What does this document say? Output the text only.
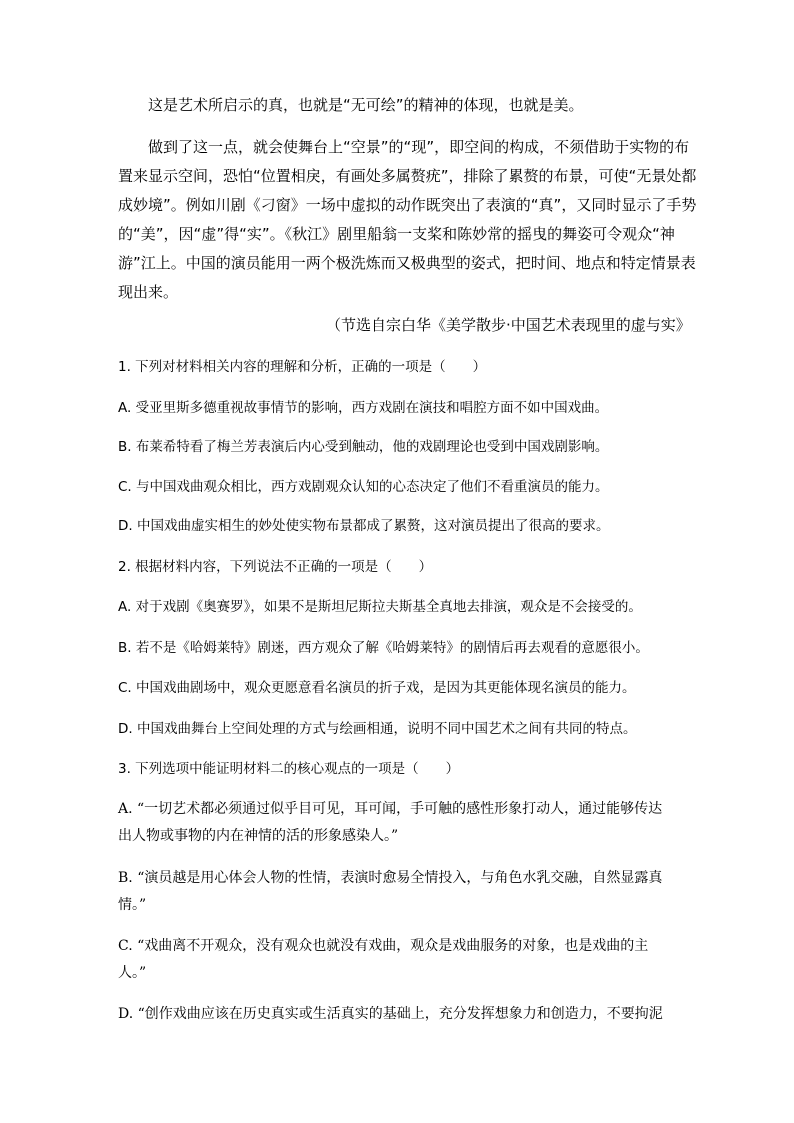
这是艺术所启示的真，也就是“无可绘”的精神的体现，也就是美。

做到了这一点，就会使舞台上“空景”的“现”，即空间的构成，不须借助于实物的布

置来显示空间，恐怕“位置相戾，有画处多属赘疣”，排除了累赘的布景，可使“无景处都

成妙境”。例如川剧《刁窗》一场中虚拟的动作既突出了表演的“真”，又同时显示了手势

的“美”，因“虚”得“实”。《秋江》剧里船翁一支桨和陈妙常的摇曳的舞姿可令观众“神

游”江上。中国的演员能用一两个极洗炼而又极典型的姿式，把时间、地点和特定情景表

现出来。

（节选自宗白华《美学散步·中国艺术表现里的虚与实》

1. 下列对材料相关内容的理解和分析，正确的一项是（　　）

A. 受亚里斯多德重视故事情节的影响，西方戏剧在演技和唱腔方面不如中国戏曲。

B. 布莱希特看了梅兰芳表演后内心受到触动，他的戏剧理论也受到中国戏剧影响。

C. 与中国戏曲观众相比，西方戏剧观众认知的心态决定了他们不看重演员的能力。

D. 中国戏曲虚实相生的妙处使实物布景都成了累赘，这对演员提出了很高的要求。

2. 根据材料内容，下列说法不正确的一项是（　　）

A. 对于戏剧《奥赛罗》，如果不是斯坦尼斯拉夫斯基全真地去排演，观众是不会接受的。

B. 若不是《哈姆莱特》剧迷，西方观众了解《哈姆莱特》的剧情后再去观看的意愿很小。

C. 中国戏曲剧场中，观众更愿意看名演员的折子戏，是因为其更能体现名演员的能力。

D. 中国戏曲舞台上空间处理的方式与绘画相通，说明不同中国艺术之间有共同的特点。

3. 下列选项中能证明材料二的核心观点的一项是（　　）

A. “一切艺术都必须通过似乎目可见，耳可闻，手可触的感性形象打动人，通过能够传达

出人物或事物的内在神情的活的形象感染人。”

B. “演员越是用心体会人物的性情，表演时愈易全情投入，与角色水乳交融，自然显露真

情。”

C. “戏曲离不开观众，没有观众也就没有戏曲，观众是戏曲服务的对象，也是戏曲的主

人。”

D. “创作戏曲应该在历史真实或生活真实的基础上，充分发挥想象力和创造力，不要拘泥
